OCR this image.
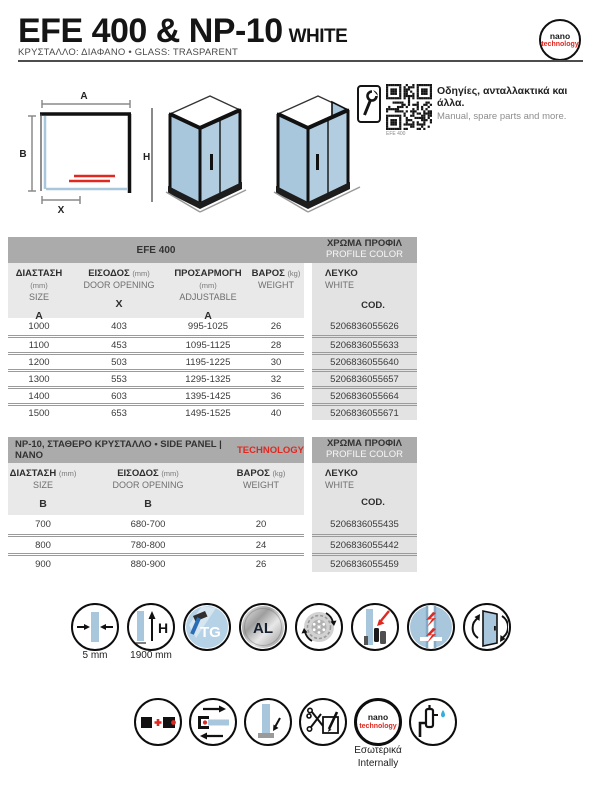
EFE 400 & NP-10 WHITE	nano
technology
ΚΡΥΣΤΑΛΛΟ: ΔΙΑΦΑΝΟ • GLASS: TRASPARENT
A
B
X
H
EFE 400
Οδηγίες, ανταλλακτικά και άλλα.
Manual, spare parts and more.
EFE 400
ΧΡΩΜΑ ΠΡΟΦΙΛ
PROFILE COLOR
ΔΙΑΣΤΑΣΗ (mm)
SIZE
A
ΕΙΣΟΔΟΣ (mm)
DOOR OPENING
X
ΠΡΟΣΑΡΜΟΓΗ (mm)
ADJUSTABLE
A
ΒΑΡΟΣ (kg)
WEIGHT
ΛΕΥΚΟ
WHITE
COD.
1000	403	995-1025	26	5206836055626
1100	453	1095-1125	28	5206836055633
1200	503	1195-1225	30	5206836055640
1300	553	1295-1325	32	5206836055657
1400	603	1395-1425	36	5206836055664
1500	653	1495-1525	40	5206836055671
NP-10, ΣΤΑΘΕΡΟ ΚΡΥΣΤΑΛΛΟ • SIDE PANEL | NANO	TECHNOLOGY
ΧΡΩΜΑ ΠΡΟΦΙΛ
PROFILE COLOR
ΔΙΑΣΤΑΣΗ (mm)
SIZE
B
ΕΙΣΟΔΟΣ (mm)
DOOR OPENING
B
ΒΑΡΟΣ (kg)
WEIGHT
ΛΕΥΚΟ
WHITE
COD.
700	680-700	20	5206836055435
800	780-800	24	5206836055442
900	880-900	26	5206836055459
H TG AL
5 mm	1900 mm
nano
technology
Εσωτερικά
Internally
